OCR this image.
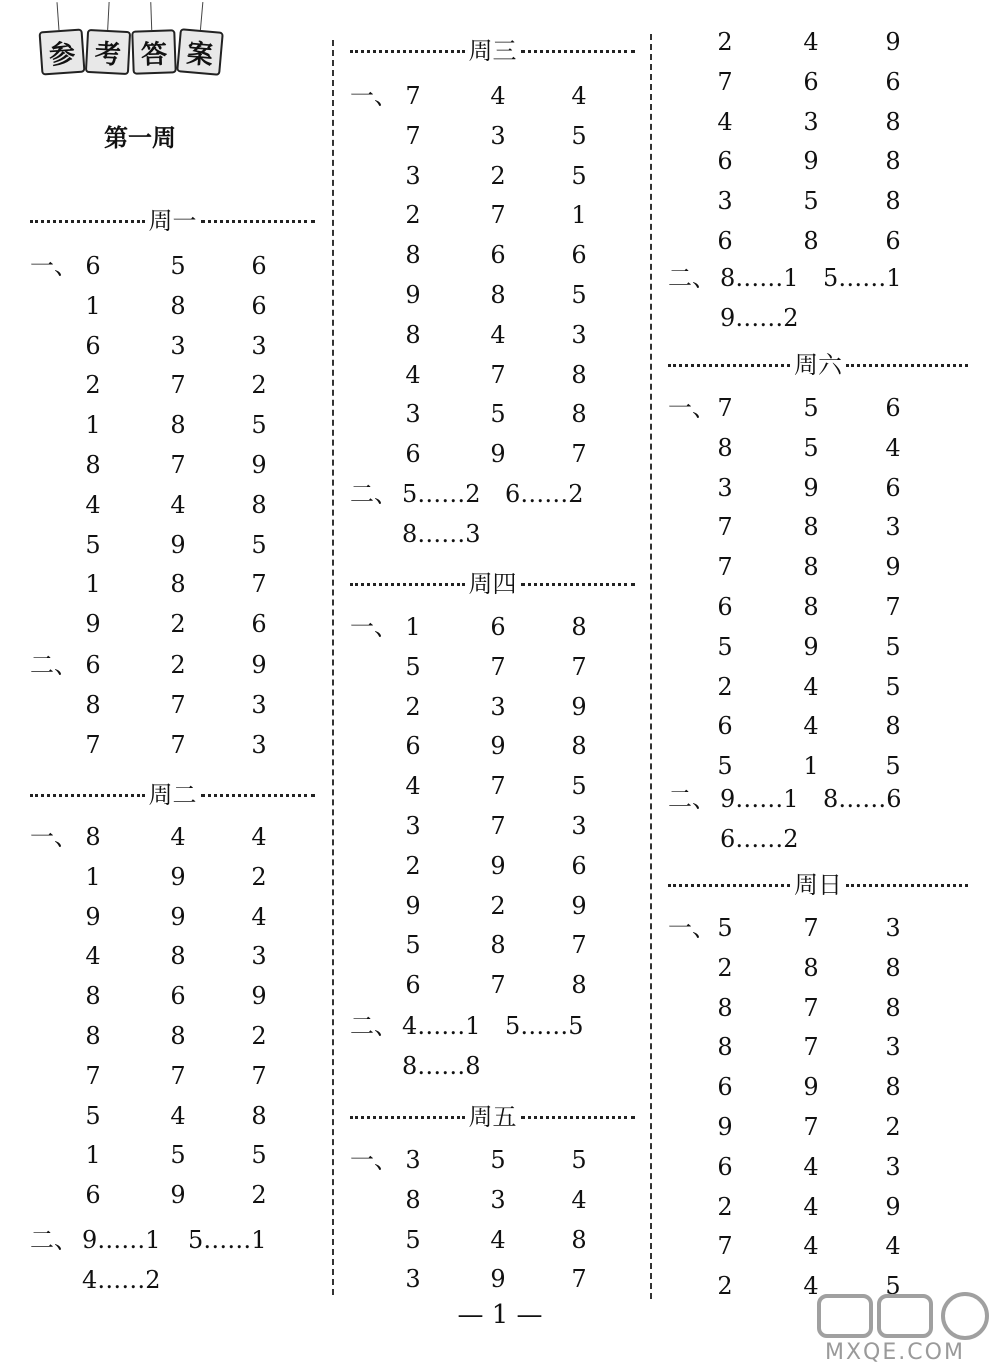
参 考 答 案
第一周
周一
一、 6	5	6
1	8	6
6	3	3
2	7	2
1	8	5
8	7	9
4	4	8
5	9	5
1	8	7
9	2	6
二、 6	2	9
8	7	3
7	7	3
周二
一、 8	4	4
1	9	2
9	9	4
4	8	3
8	6	9
8	8	2
7	7	7
5	4	8
1	5	5
6	9	2
二、 9……1 5……1
4……2
周三
一、 7	4	4
7	3	5
3	2	5
2	7	1
8	6	6
9	8	5
8	4	3
4	7	8
3	5	8
6	9	7
二、 5……2 6……2
8……3
周四
一、 1	6	8
5	7	7
2	3	9
6	9	8
4	7	5
3	7	3
2	9	6
9	2	9
5	8	7
6	7	8
二、 4……1 5……5
8……8
周五
一、 3	5	5
8	3	4
5	4	8
3	9	7
2	4	9
7	6	6
4	3	8
6	9	8
3	5	8
6	8	6
二、 8……1 5……1
9……2
周六
一、 7	5	6
8	5	4
3	9	6
7	8	3
7	8	9
6	8	7
5	9	5
2	4	5
6	4	8
5	1	5
二、 9……1 8……6
6……2
周日
一、 5	7	3
2	8	8
8	7	8
8	7	3
6	9	8
9	7	2
6	4	3
2	4	9
7	4	4
2	4	5
— 1 —
MXQE.COM
